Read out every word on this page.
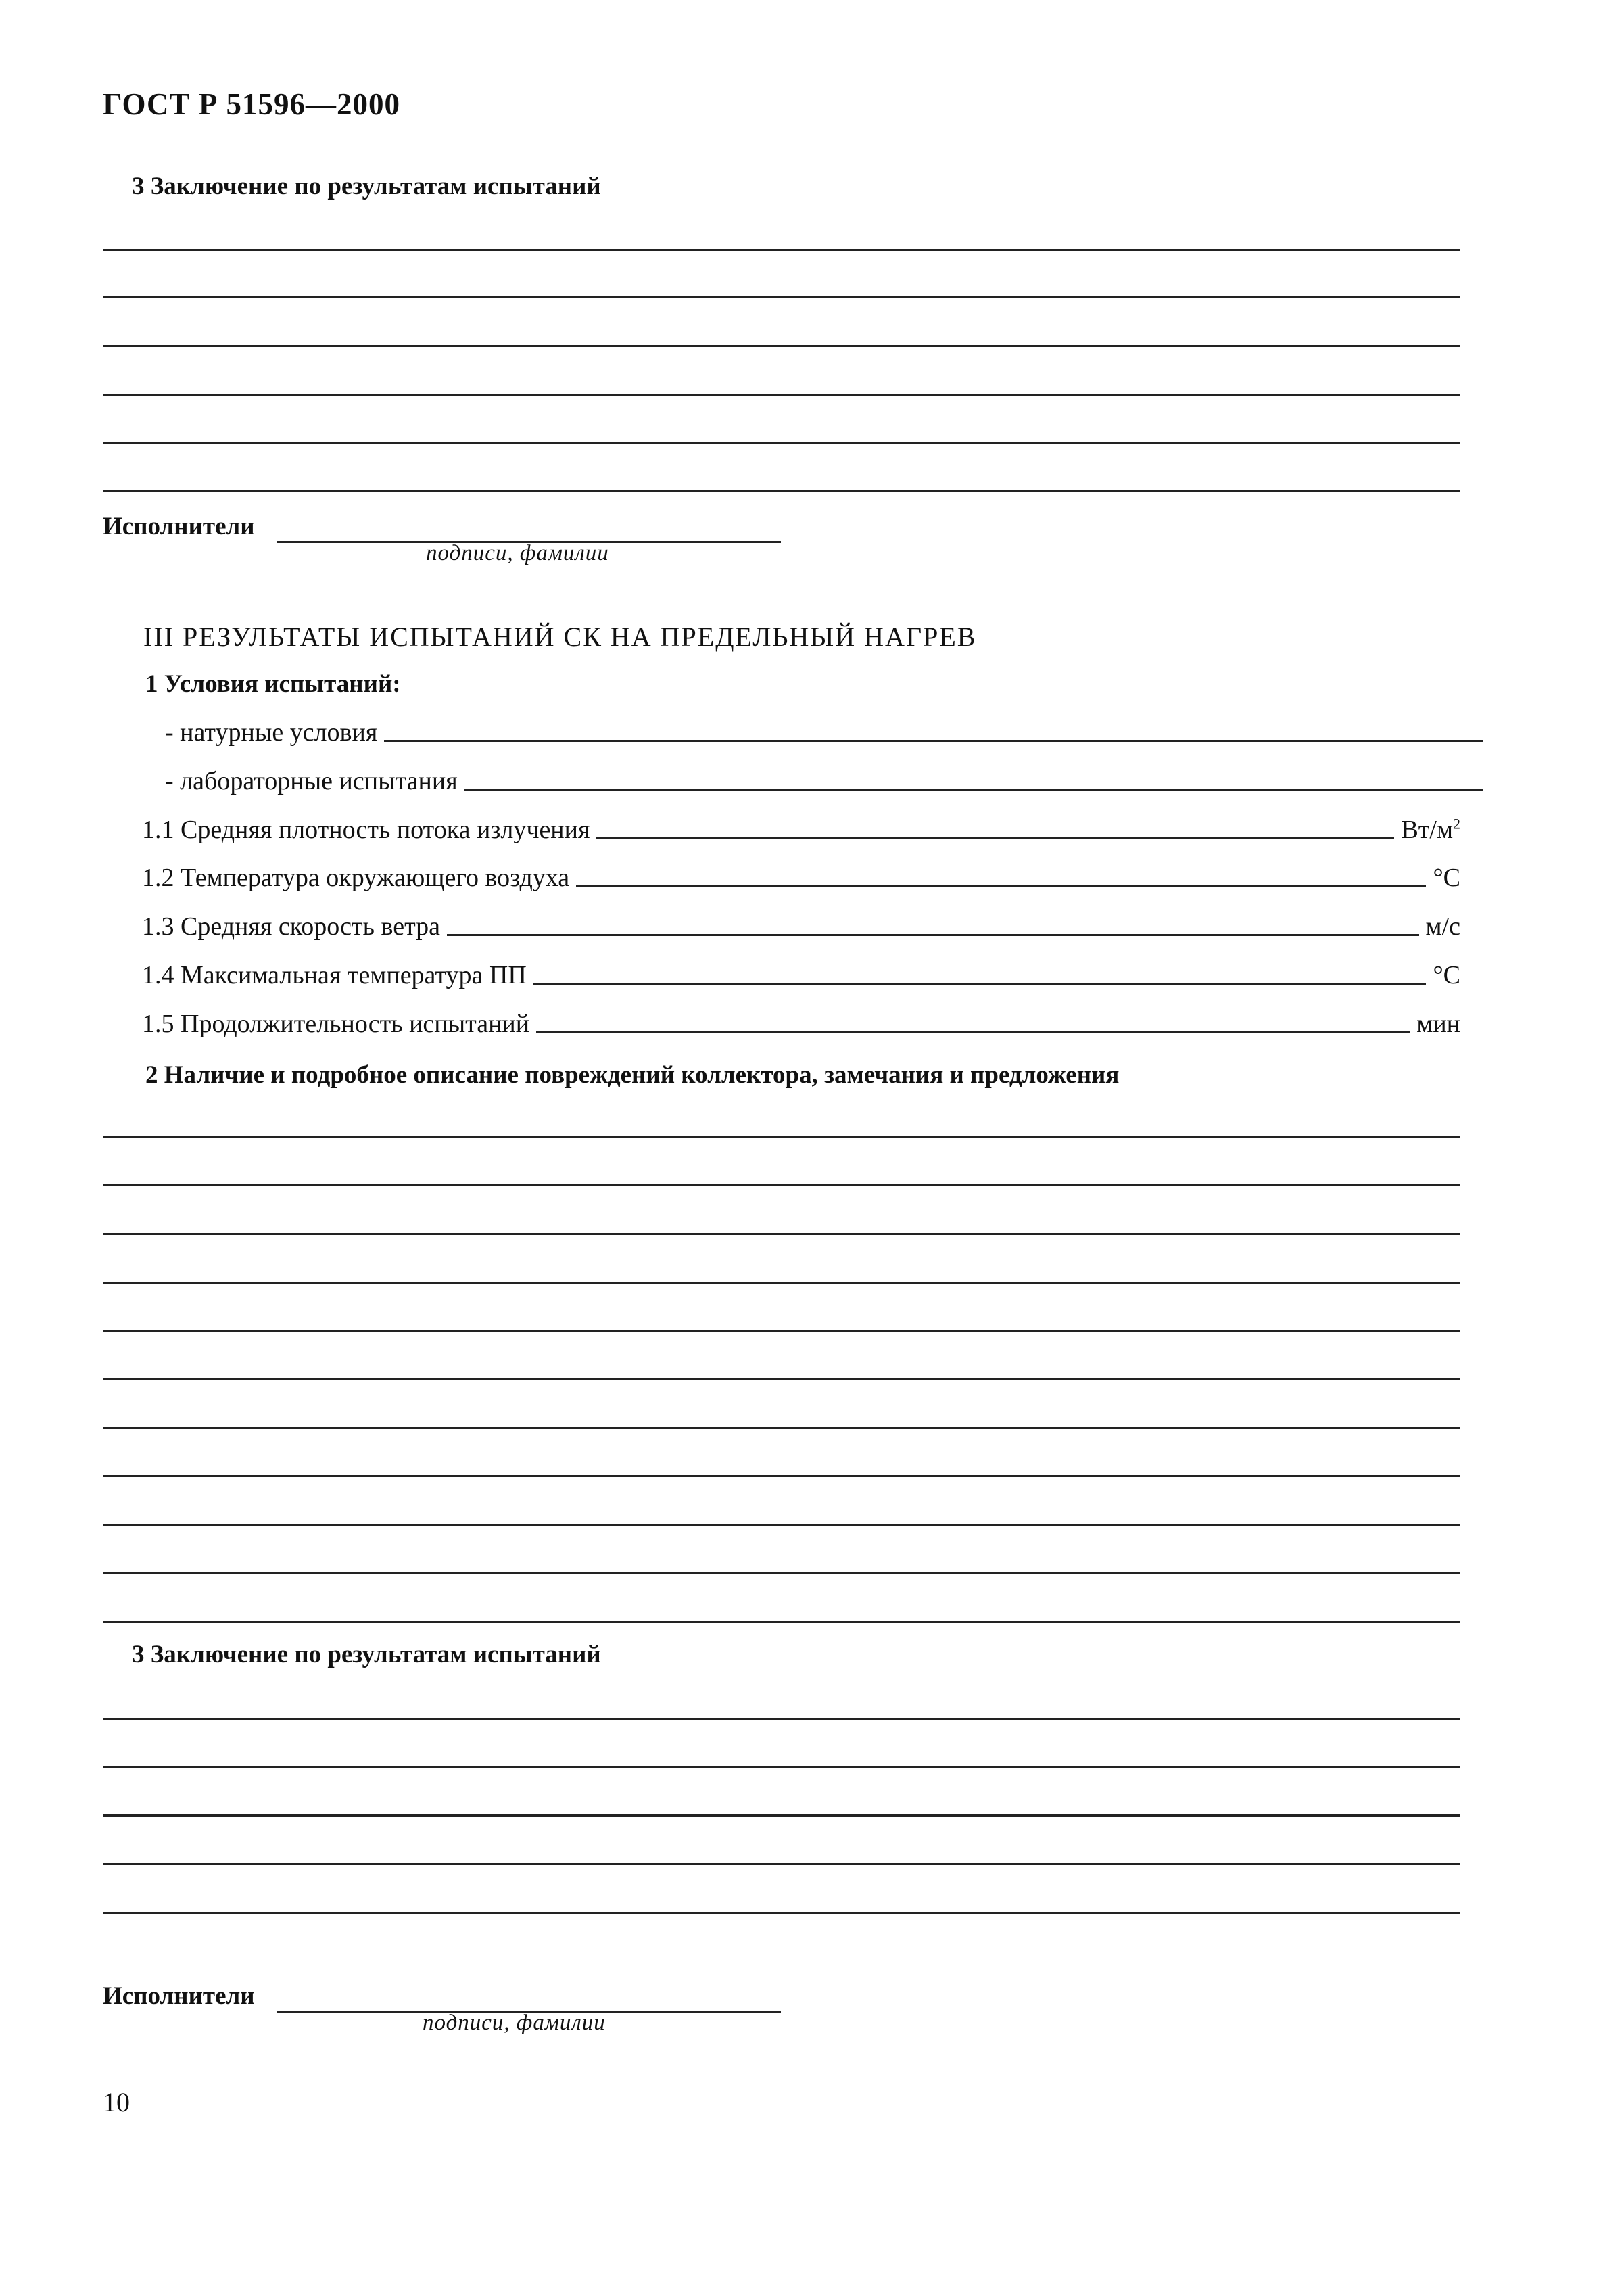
ГОСТ Р 51596—2000
3 Заключение по результатам испытаний
Исполнители
подписи, фамилии
III РЕЗУЛЬТАТЫ ИСПЫТАНИЙ СК НА ПРЕДЕЛЬНЫЙ НАГРЕВ
1 Условия испытаний:
- натурные условия
- лабораторные испытания
1.1 Средняя плотность потока излучения	$Вт/м^2$
1.2 Температура окружающего воздуха	°C
1.3 Средняя скорость ветра	м/с
1.4 Максимальная температура ПП	°C
1.5 Продолжительность испытаний	мин
2 Наличие и подробное описание повреждений коллектора, замечания и предложения
3 Заключение по результатам испытаний
Исполнители
подписи, фамилии
10
